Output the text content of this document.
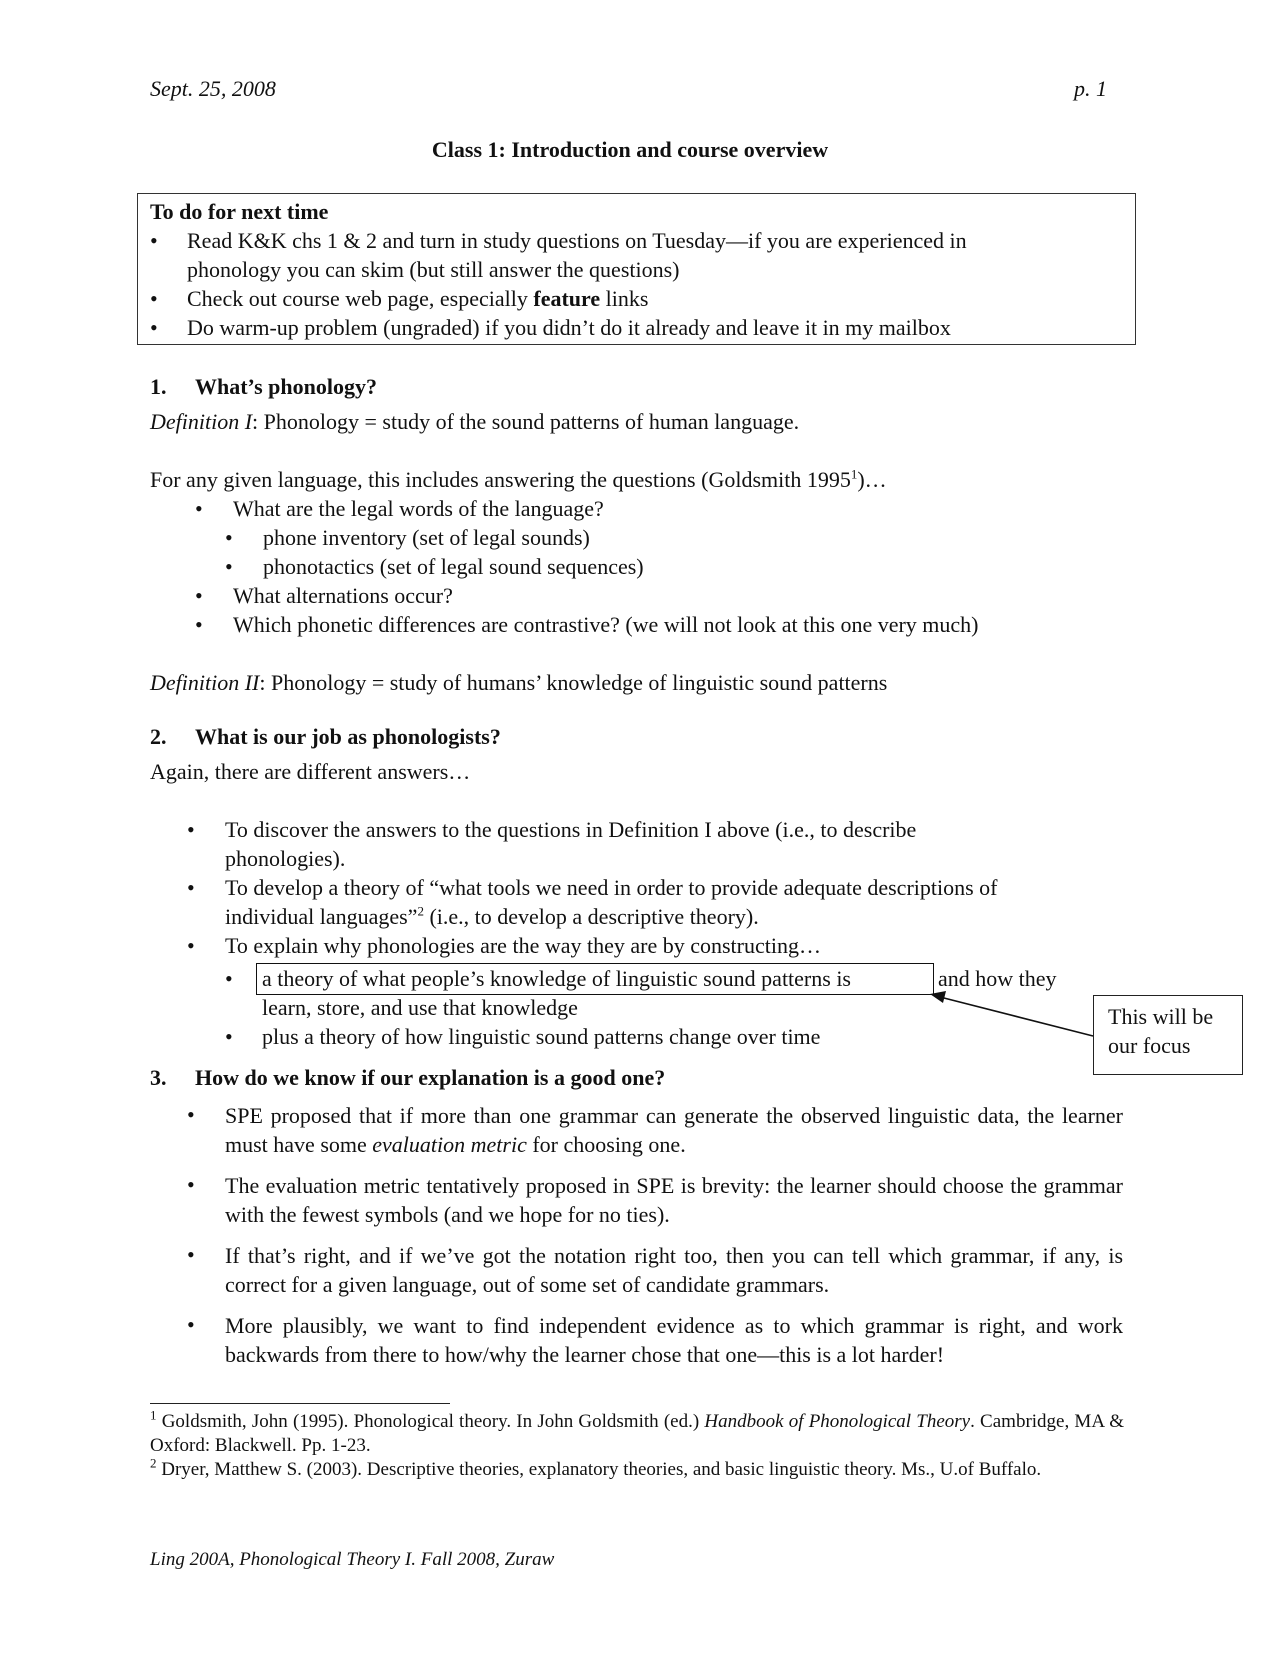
Sept. 25, 2008	p. 1
Class 1: Introduction and course overview
To do for next time
•	Read K&K chs 1 & 2 and turn in study questions on Tuesday—if you are experienced in
phonology you can skim (but still answer the questions)
•	Check out course web page, especially feature links
•	Do warm-up problem (ungraded) if you didn’t do it already and leave it in my mailbox
1. What’s phonology?
Definition I: Phonology = study of the sound patterns of human language.
For any given language, this includes answering the questions (Goldsmith 1995$^1$)…
•	What are the legal words of the language?
•	phone inventory (set of legal sounds)
•	phonotactics (set of legal sound sequences)
•	What alternations occur?
•	Which phonetic differences are contrastive? (we will not look at this one very much)
Definition II: Phonology = study of humans’ knowledge of linguistic sound patterns
2. What is our job as phonologists?
Again, there are different answers…
•	To discover the answers to the questions in Definition I above (i.e., to describe
phonologies).
•	To develop a theory of “what tools we need in order to provide adequate descriptions of
individual languages”$^2$ (i.e., to develop a descriptive theory).
•	To explain why phonologies are the way they are by constructing…
•	a theory of what people’s knowledge of linguistic sound patterns is	and how they
learn, store, and use that knowledge
•	plus a theory of how linguistic sound patterns change over time
This will be our focus
3. How do we know if our explanation is a good one?
•	SPE proposed that if more than one grammar can generate the observed linguistic data, the learner must have some evaluation metric for choosing one.
•	The evaluation metric tentatively proposed in SPE is brevity: the learner should choose the grammar with the fewest symbols (and we hope for no ties).
•	If that’s right, and if we’ve got the notation right too, then you can tell which grammar, if any, is correct for a given language, out of some set of candidate grammars.
•	More plausibly, we want to find independent evidence as to which grammar is right, and work backwards from there to how/why the learner chose that one—this is a lot harder!
$^1$ Goldsmith, John (1995). Phonological theory. In John Goldsmith (ed.) Handbook of Phonological Theory. Cambridge, MA & Oxford: Blackwell. Pp. 1-23.
$^2$ Dryer, Matthew S. (2003). Descriptive theories, explanatory theories, and basic linguistic theory. Ms., U.of Buffalo.
Ling 200A, Phonological Theory I. Fall 2008, Zuraw
